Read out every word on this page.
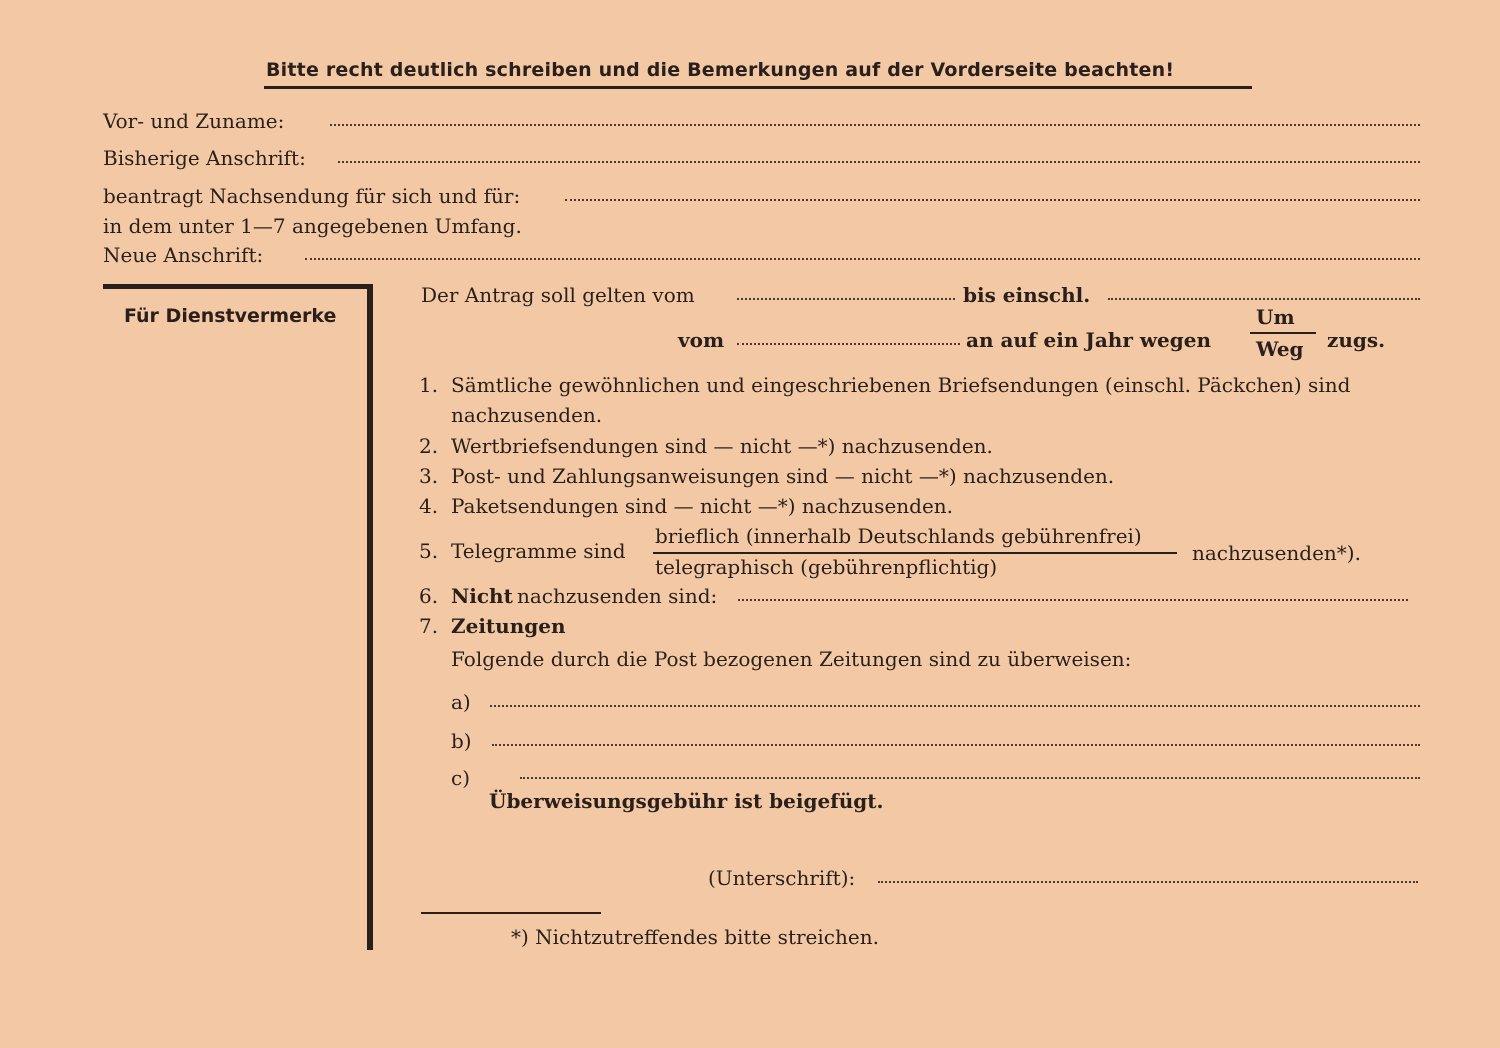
Bitte recht deutlich schreiben und die Bemerkungen auf der Vorderseite beachten!
Vor- und Zuname:
Bisherige Anschrift:
beantragt Nachsendung für sich und für:
in dem unter 1—7 angegebenen Umfang.
Neue Anschrift:
Für Dienstvermerke
Der Antrag soll gelten vom	bis einschl.
vom	an auf ein Jahr wegen
Um
Weg zugs.
1. Sämtliche gewöhnlichen und eingeschriebenen Briefsendungen (einschl. Päckchen) sind
nachzusenden.
2. Wertbriefsendungen sind — nicht —*) nachzusenden.
3. Post- und Zahlungsanweisungen sind — nicht —*) nachzusenden.
4. Paketsendungen sind — nicht —*) nachzusenden.
5. Telegramme sind
brieflich (innerhalb Deutschlands gebührenfrei)
telegraphisch (gebührenpflichtig)
nachzusenden*).
6. Nicht nachzusenden sind:
7. Zeitungen
Folgende durch die Post bezogenen Zeitungen sind zu überweisen:
a)
b)
c)
Überweisungsgebühr ist beigefügt.
(Unterschrift):
*) Nichtzutreffendes bitte streichen.
